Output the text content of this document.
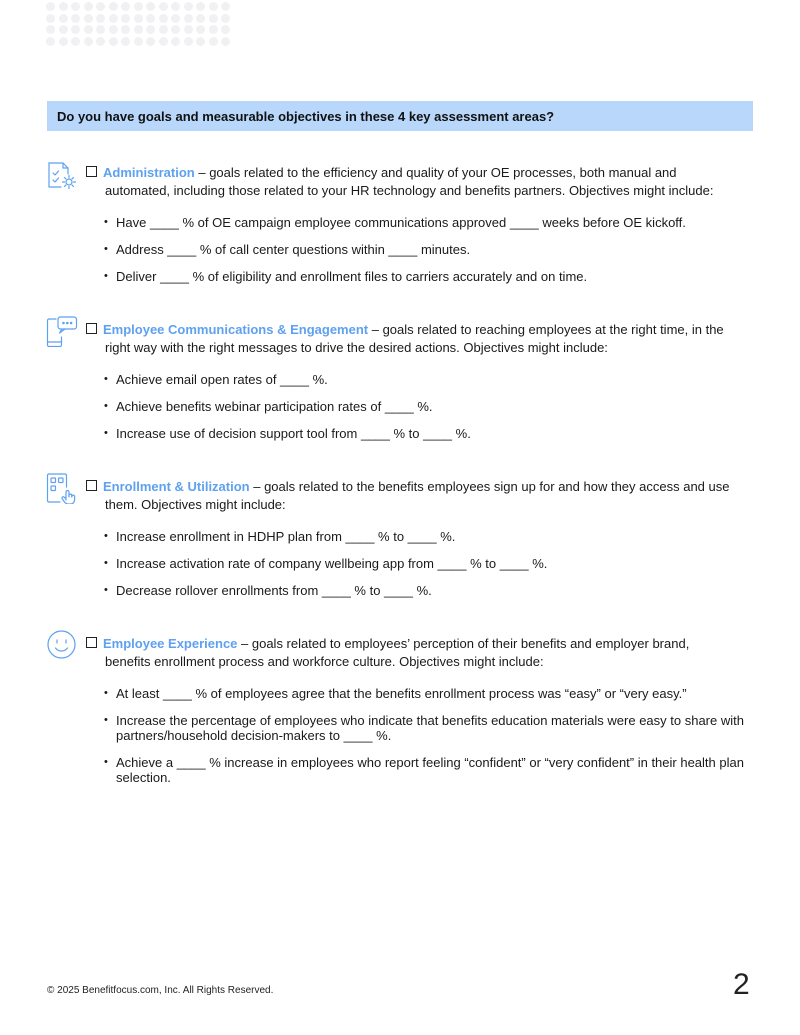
Do you have goals and measurable objectives in these 4 key assessment areas?
Administration – goals related to the efficiency and quality of your OE processes, both manual and
automated, including those related to your HR technology and benefits partners. Objectives might include:
• Have ____ % of OE campaign employee communications approved ____ weeks before OE kickoff.
• Address ____ % of call center questions within ____ minutes.
• Deliver ____ % of eligibility and enrollment files to carriers accurately and on time.
Employee Communications & Engagement – goals related to reaching employees at the right time, in the
right way with the right messages to drive the desired actions. Objectives might include:
• Achieve email open rates of ____ %.
• Achieve benefits webinar participation rates of ____ %.
• Increase use of decision support tool from ____ % to ____ %.
Enrollment & Utilization – goals related to the benefits employees sign up for and how they access and use
them. Objectives might include:
• Increase enrollment in HDHP plan from ____ % to ____ %.
• Increase activation rate of company wellbeing app from ____ % to ____ %.
• Decrease rollover enrollments from ____ % to ____ %.
Employee Experience – goals related to employees’ perception of their benefits and employer brand,
benefits enrollment process and workforce culture. Objectives might include:
• At least ____ % of employees agree that the benefits enrollment process was “easy” or “very easy.”
• Increase the percentage of employees who indicate that benefits education materials were easy to share with partners/household decision-makers to ____ %.
• Achieve a ____ % increase in employees who report feeling “confident” or “very confident” in their health plan selection.
© 2025 Benefitfocus.com, Inc. All Rights Reserved.	2
